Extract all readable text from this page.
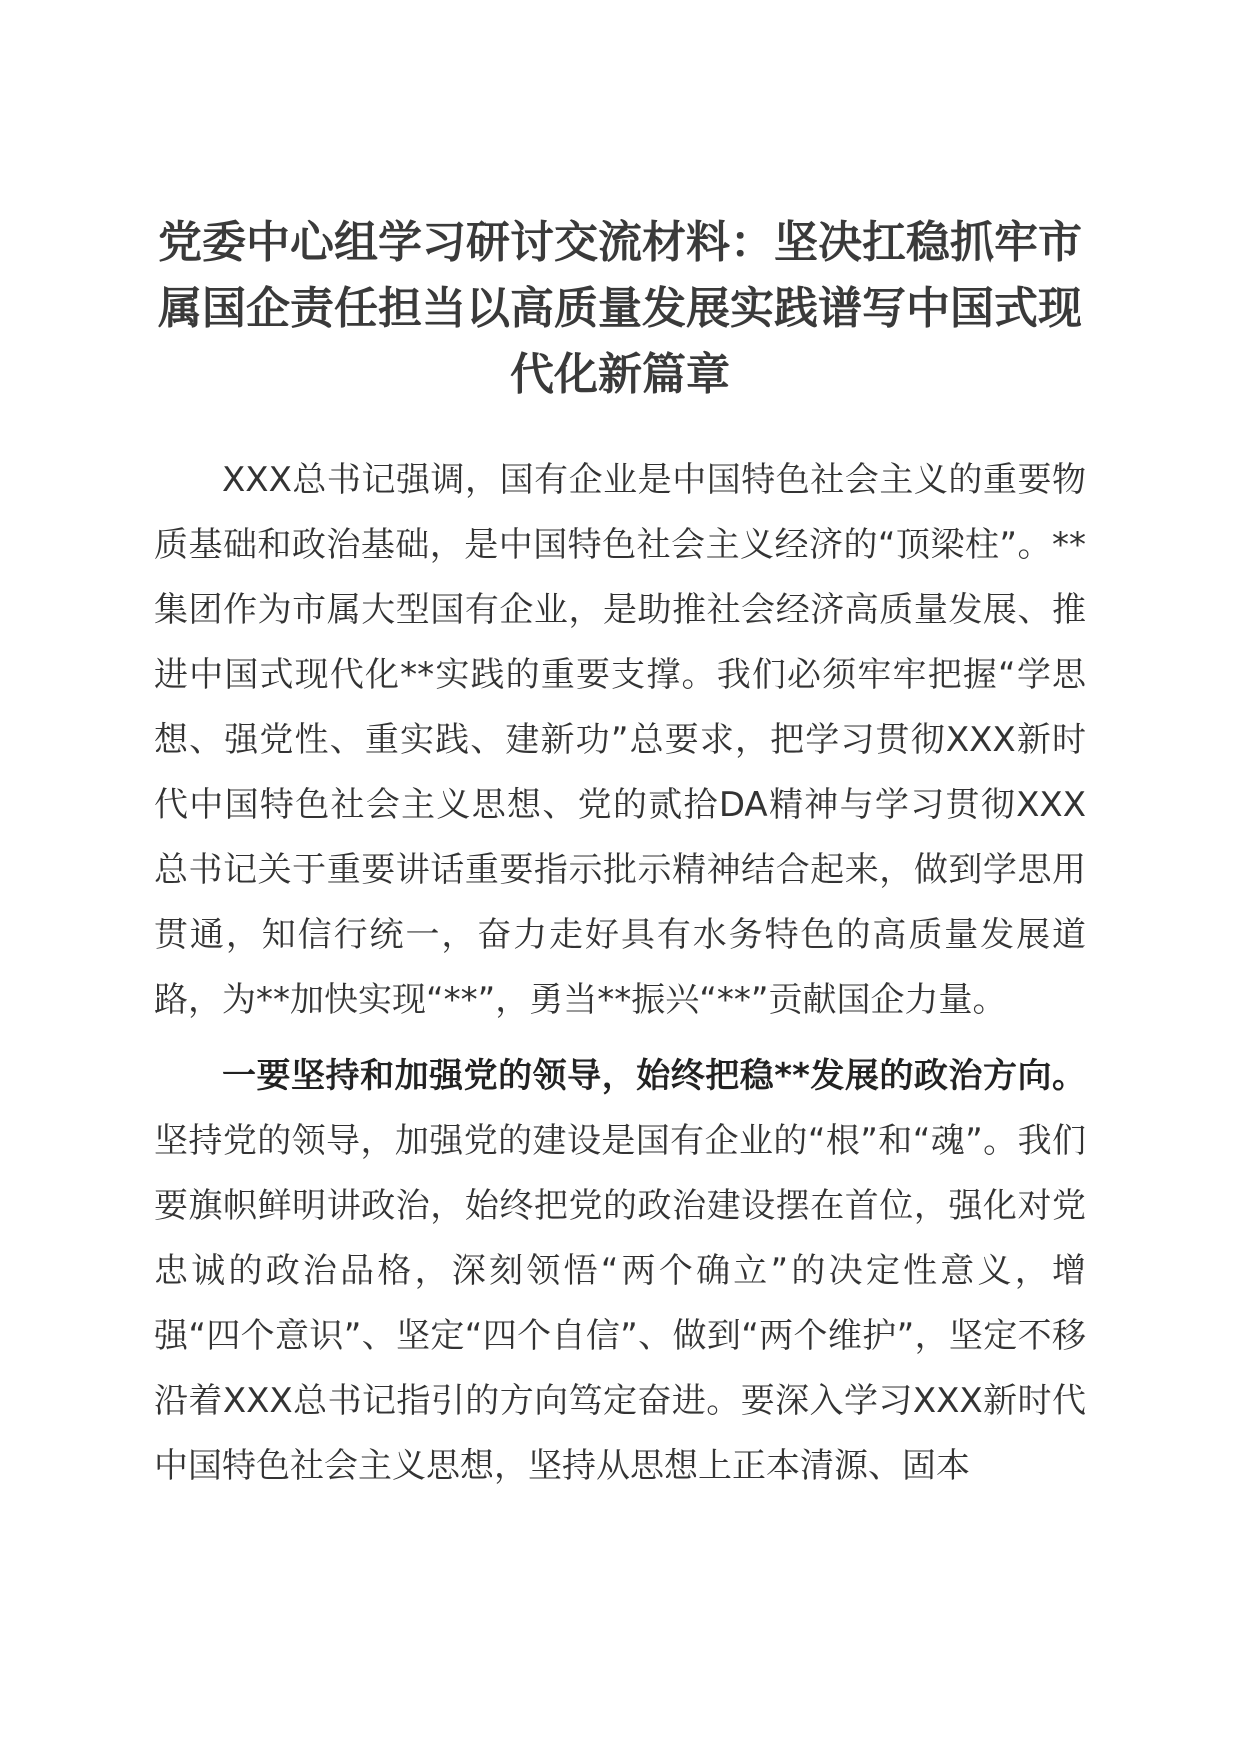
党委中心组学习研讨交流材料：坚决扛稳抓牢市属国企责任担当以高质量发展实践谱写中国式现代化新篇章

XXX总书记强调，国有企业是中国特色社会主义的重要物质基础和政治基础，是中国特色社会主义经济的“顶梁柱”。**集团作为市属大型国有企业，是助推社会经济高质量发展、推进中国式现代化**实践的重要支撑。我们必须牢牢把握“学思想、强党性、重实践、建新功”总要求，把学习贯彻XXX新时代中国特色社会主义思想、党的贰拾DA精神与学习贯彻XXX总书记关于重要讲话重要指示批示精神结合起来，做到学思用贯通，知信行统一，奋力走好具有水务特色的高质量发展道路，为**加快实现“**”，勇当**振兴“**”贡献国企力量。

一要坚持和加强党的领导，始终把稳**发展的政治方向。坚持党的领导，加强党的建设是国有企业的“根”和“魂”。我们要旗帜鲜明讲政治，始终把党的政治建设摆在首位，强化对党忠诚的政治品格，深刻领悟“两个确立”的决定性意义，增强“四个意识”、坚定“四个自信”、做到“两个维护”，坚定不移沿着XXX总书记指引的方向笃定奋进。要深入学习XXX新时代中国特色社会主义思想，坚持从思想上正本清源、固本
